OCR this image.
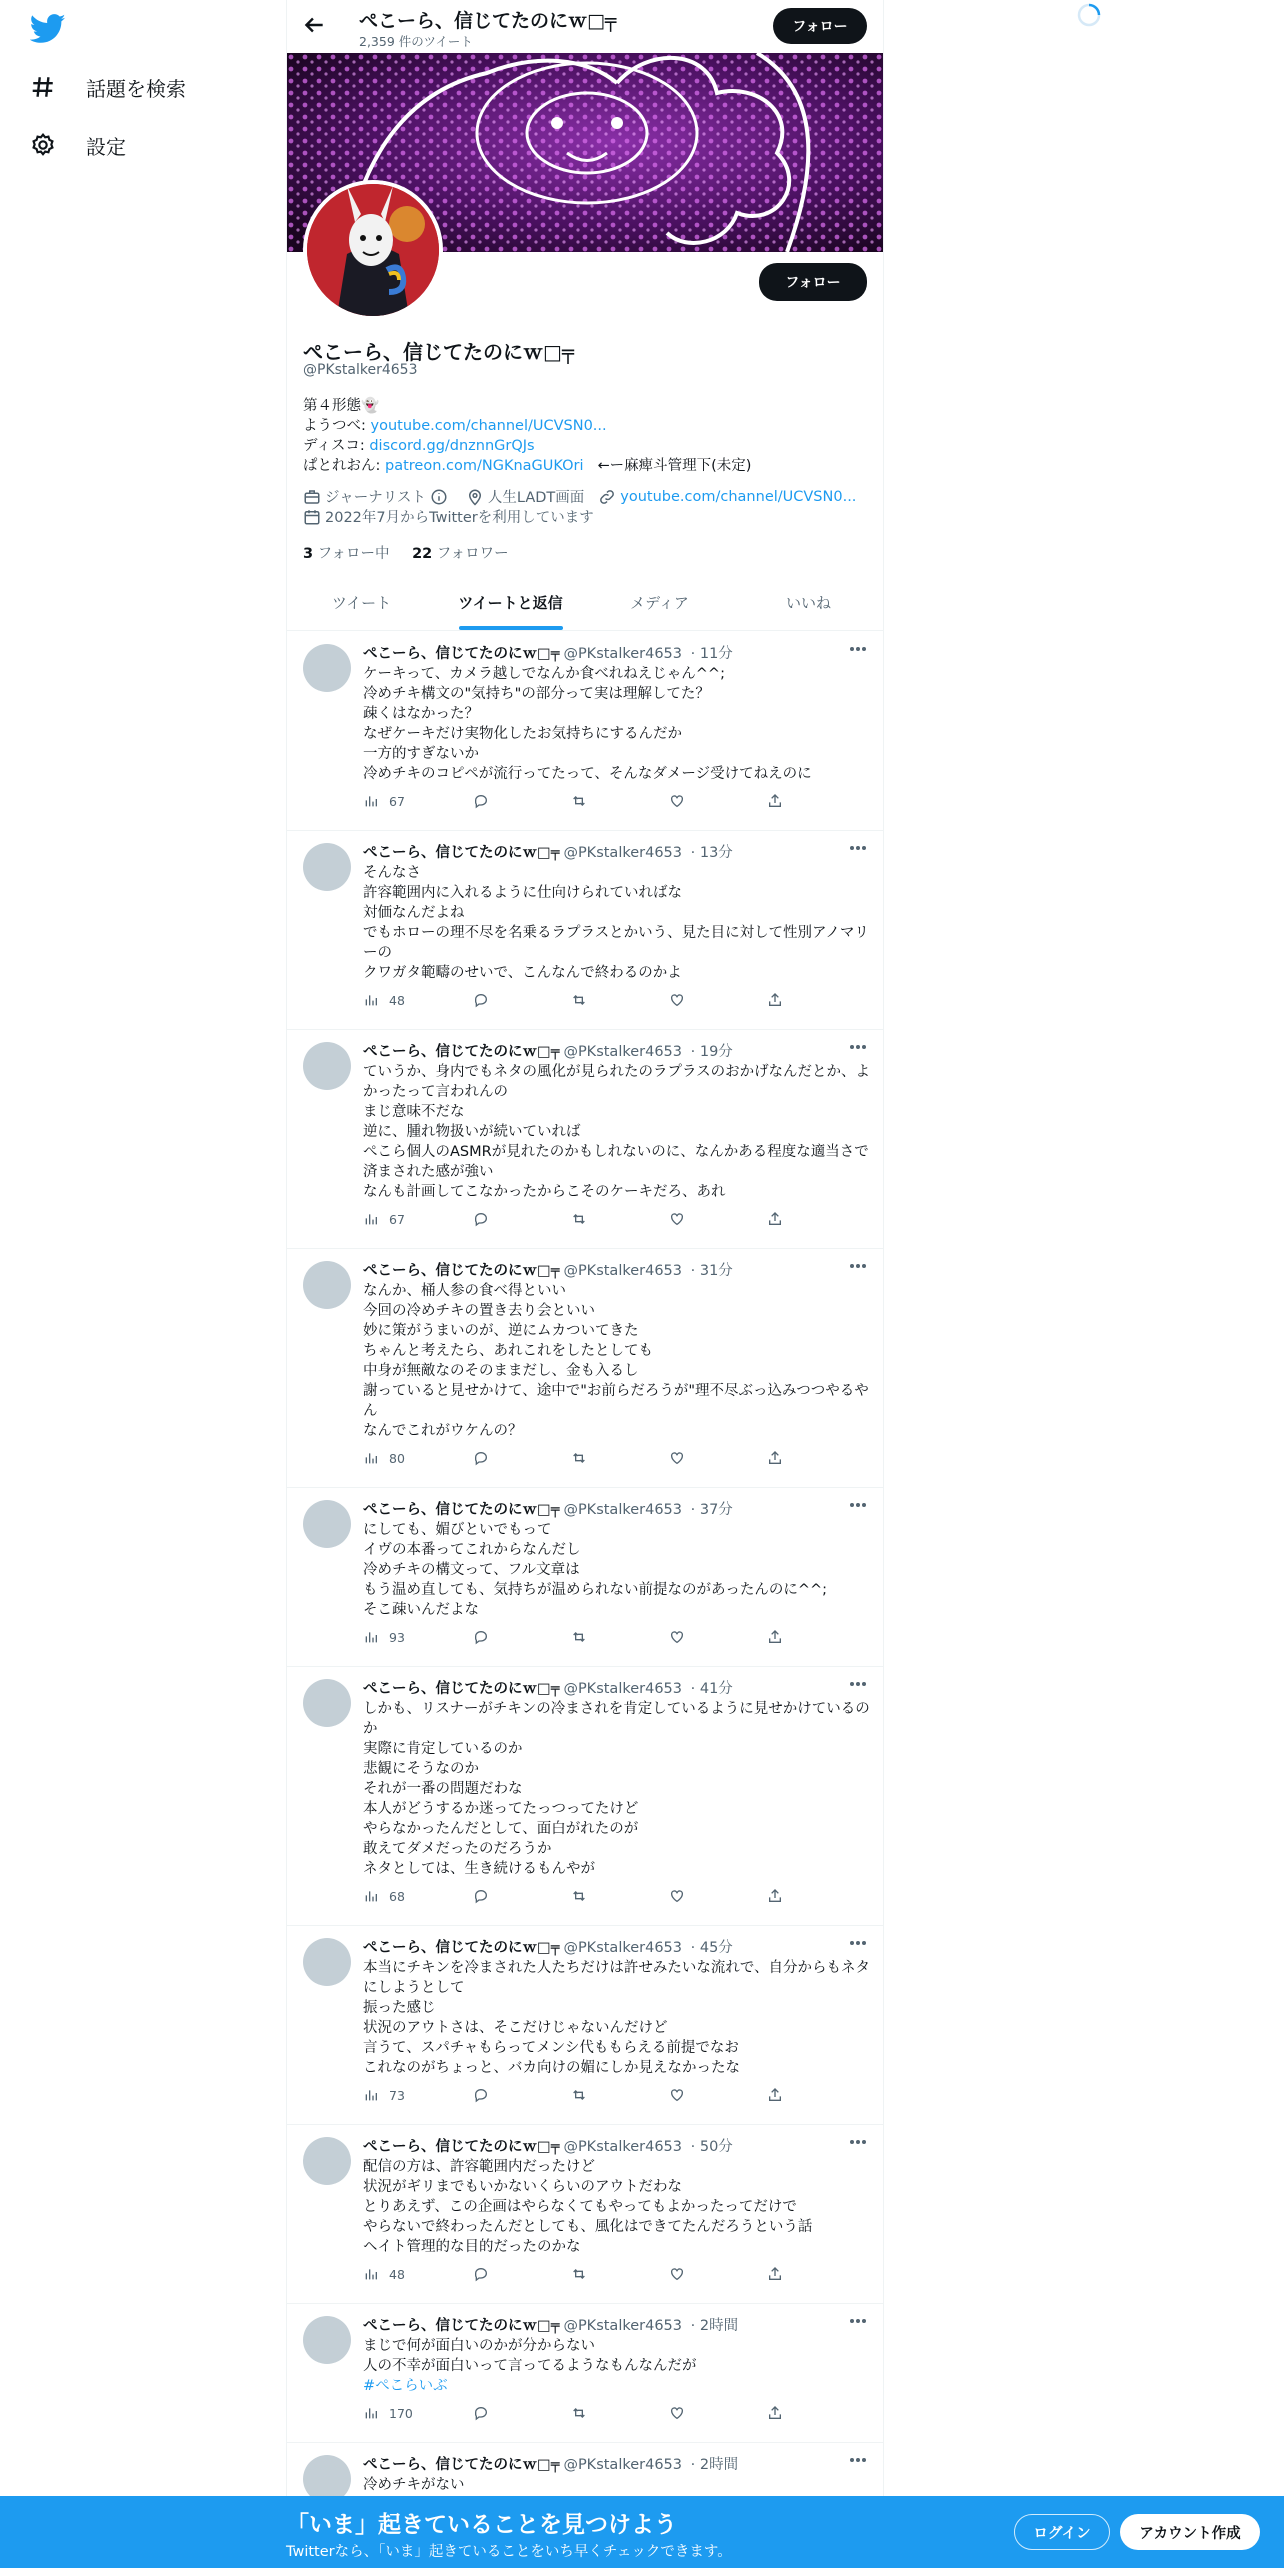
話題を検索
設定
ぺこーら、信じてたのにｗ□╤
2,359 件のツイート
フォロー
フォロー
ぺこーら、信じてたのにｗ□╤
@PKstalker4653
第４形態👻
ようつべ: youtube.com/channel/UCVSN0...
ディスコ: discord.gg/dnznnGrQJs
ぱとれおん: patreon.com/NGKnaGUKOri ←ー麻痺斗管理下(未定)
ジャーナリスト	人生LADT画面 youtube.com/channel/UCVSN0...
2022年7月からTwitterを利用しています
3 フォロー中 22 フォロワー
ツイート	ツイートと返信	メディア	いいね
ぺこーら、信じてたのにｗ□╤ @PKstalker4653 · 11分
ケーキって、カメラ越しでなんか食べれねえじゃん^^;
冷めチキ構文の"気持ち"の部分って実は理解してた？
疎くはなかった？
なぜケーキだけ実物化したお気持ちにするんだか
一方的すぎないか
冷めチキのコピペが流行ってたって、そんなダメージ受けてねえのに
67
ぺこーら、信じてたのにｗ□╤ @PKstalker4653 · 13分
そんなさ
許容範囲内に入れるように仕向けられていればな
対価なんだよね
でもホローの理不尽を名乗るラプラスとかいう、見た目に対して性別アノマリーの
クワガタ範疇のせいで、こんなんで終わるのかよ
48
ぺこーら、信じてたのにｗ□╤ @PKstalker4653 · 19分
ていうか、身内でもネタの風化が見られたのラプラスのおかげなんだとか、よかったって言われんの
まじ意味不だな
逆に、腫れ物扱いが続いていれば
ぺこら個人のASMRが見れたのかもしれないのに、なんかある程度な適当さで済まされた感が強い
なんも計画してこなかったからこそのケーキだろ、あれ
67
ぺこーら、信じてたのにｗ□╤ @PKstalker4653 · 31分
なんか、桶人参の食べ得といい
今回の冷めチキの置き去り会といい
妙に策がうまいのが、逆にムカついてきた
ちゃんと考えたら、あれこれをしたとしても
中身が無敵なのそのままだし、金も入るし
謝っていると見せかけて、途中で"お前らだろうが"理不尽ぶっ込みつつやるやん
なんでこれがウケんの？
80
ぺこーら、信じてたのにｗ□╤ @PKstalker4653 · 37分
にしても、媚びといでもって
イヴの本番ってこれからなんだし
冷めチキの構文って、フル文章は
もう温め直しても、気持ちが温められない前提なのがあったんのに^^;
そこ疎いんだよな
93
ぺこーら、信じてたのにｗ□╤ @PKstalker4653 · 41分
しかも、リスナーがチキンの冷まされを肯定しているように見せかけているのか
実際に肯定しているのか
悲観にそうなのか
それが一番の問題だわな
本人がどうするか迷ってたっつってたけど
やらなかったんだとして、面白がれたのが
敢えてダメだったのだろうか
ネタとしては、生き続けるもんやが
68
ぺこーら、信じてたのにｗ□╤ @PKstalker4653 · 45分
本当にチキンを冷まされた人たちだけは許せみたいな流れで、自分からもネタにしようとして
振った感じ
状況のアウトさは、そこだけじゃないんだけど
言うて、スパチャもらってメンシ代ももらえる前提でなお
これなのがちょっと、バカ向けの媚にしか見えなかったな
73
ぺこーら、信じてたのにｗ□╤ @PKstalker4653 · 50分
配信の方は、許容範囲内だったけど
状況がギリまでもいかないくらいのアウトだわな
とりあえず、この企画はやらなくてもやってもよかったってだけで
やらないで終わったんだとしても、風化はできてたんだろうという話
ヘイト管理的な目的だったのかな
48
ぺこーら、信じてたのにｗ□╤ @PKstalker4653 · 2時間
まじで何が面白いのかが分からない
人の不幸が面白いって言ってるようなもんなんだが
#ぺこらいぶ
170
ぺこーら、信じてたのにｗ□╤ @PKstalker4653 · 2時間
冷めチキがない
「いま」起きていることを見つけよう
Twitterなら、「いま」起きていることをいち早くチェックできます。
ログイン	アカウント作成
